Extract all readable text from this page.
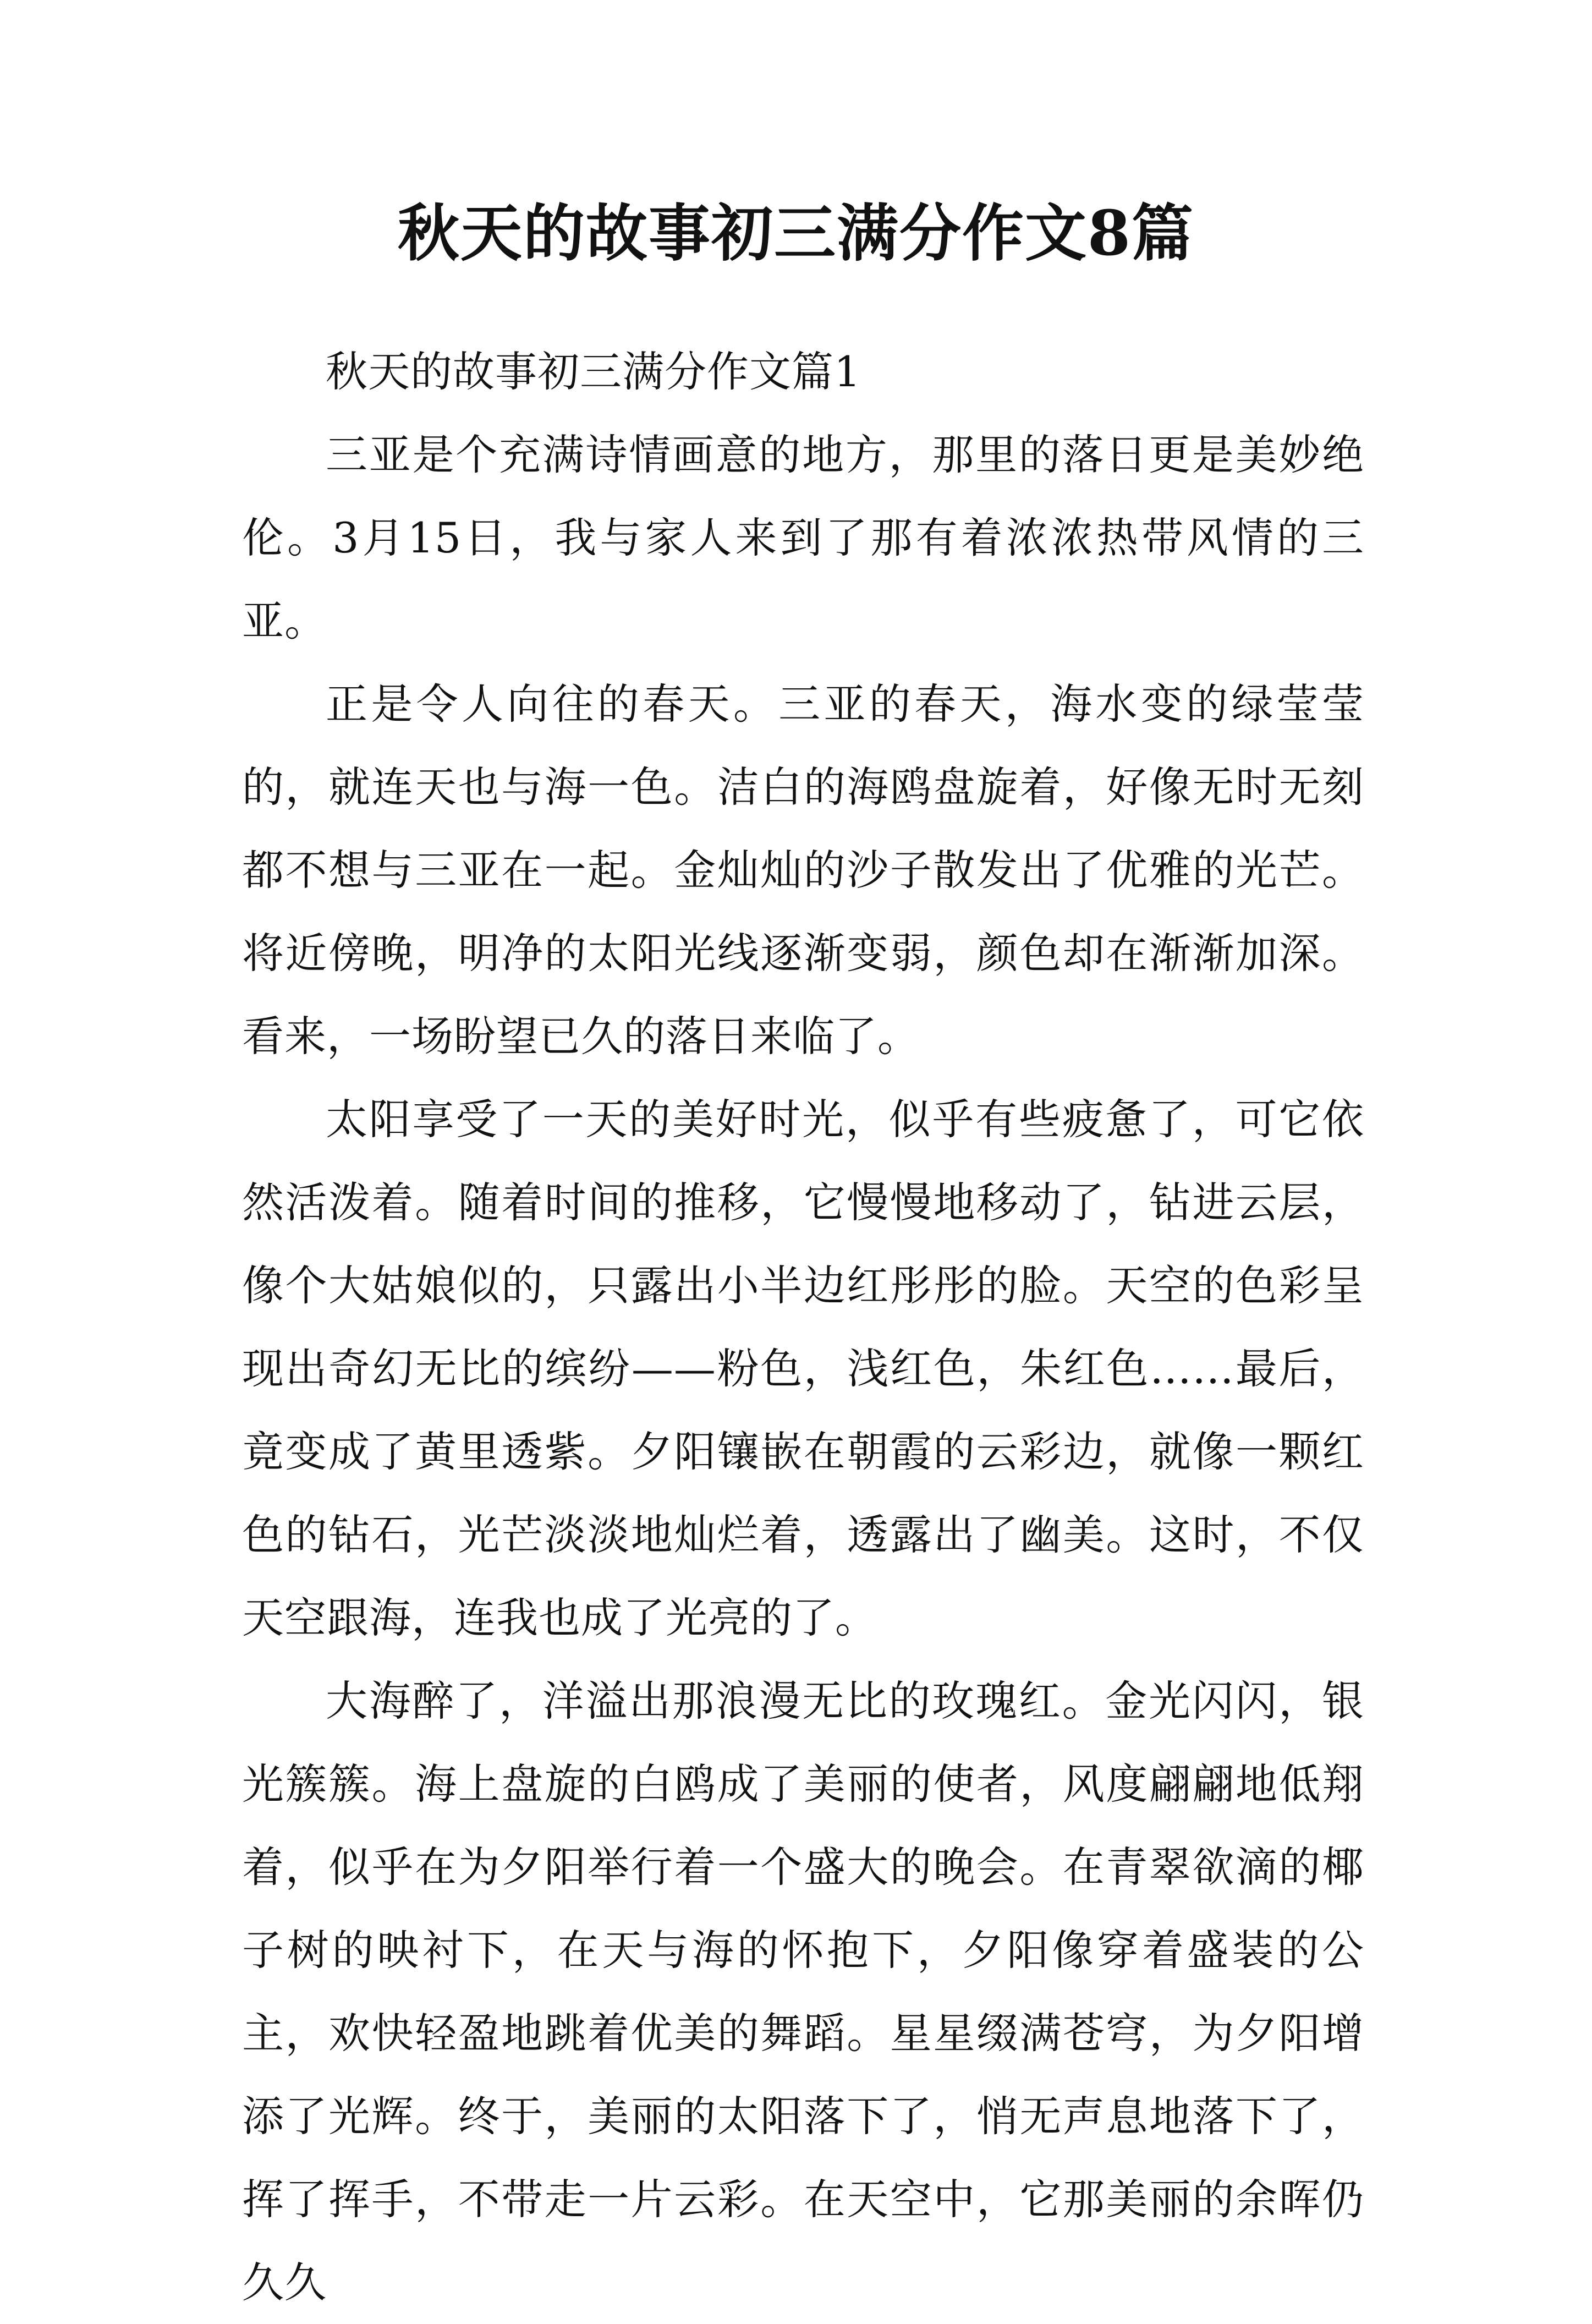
秋天的故事初三满分作文8篇

秋天的故事初三满分作文篇1

三亚是个充满诗情画意的地方，那里的落日更是美妙绝伦。3月15日，我与家人来到了那有着浓浓热带风情的三亚。

正是令人向往的春天。三亚的春天，海水变的绿莹莹的，就连天也与海一色。洁白的海鸥盘旋着，好像无时无刻都不想与三亚在一起。金灿灿的沙子散发出了优雅的光芒。将近傍晚，明净的太阳光线逐渐变弱，颜色却在渐渐加深。看来，一场盼望已久的落日来临了。

太阳享受了一天的美好时光，似乎有些疲惫了，可它依然活泼着。随着时间的推移，它慢慢地移动了，钻进云层，像个大姑娘似的，只露出小半边红彤彤的脸。天空的色彩呈现出奇幻无比的缤纷——粉色，浅红色，朱红色……最后，竟变成了黄里透紫。夕阳镶嵌在朝霞的云彩边，就像一颗红色的钻石，光芒淡淡地灿烂着，透露出了幽美。这时，不仅天空跟海，连我也成了光亮的了。

大海醉了，洋溢出那浪漫无比的玫瑰红。金光闪闪，银光簇簇。海上盘旋的白鸥成了美丽的使者，风度翩翩地低翔着，似乎在为夕阳举行着一个盛大的晚会。在青翠欲滴的椰子树的映衬下，在天与海的怀抱下，夕阳像穿着盛装的公主，欢快轻盈地跳着优美的舞蹈。星星缀满苍穹，为夕阳增添了光辉。终于，美丽的太阳落下了，悄无声息地落下了，挥了挥手，不带走一片云彩。在天空中，它那美丽的余晖仍久久
